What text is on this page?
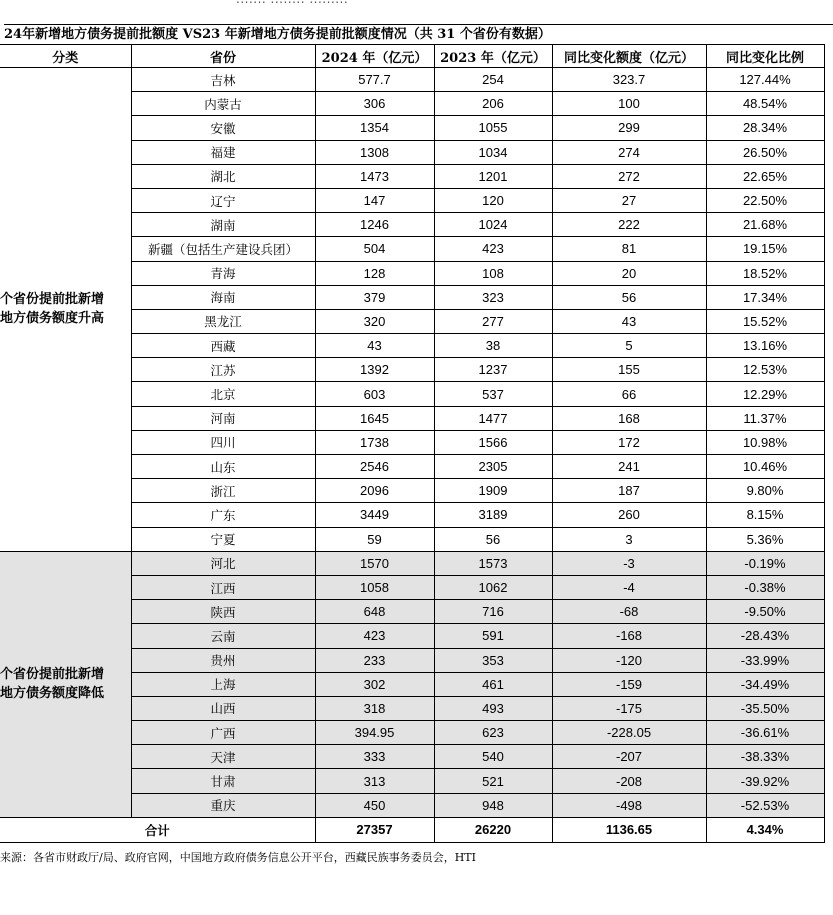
24年新增地方债务提前批额度 VS23 年新增地方债务提前批额度情况（共 31 个省份有数据）
分类	省份	2024 年（亿元）	2023 年（亿元）	同比变化额度（亿元）	同比变化比例

个省份提前批新增
地方债务额度升高	吉林	577.7	254	323.7	127.44%
	内蒙古	306	206	100	48.54%
	安徽	1354	1055	299	28.34%
	福建	1308	1034	274	26.50%
	湖北	1473	1201	272	22.65%
	辽宁	147	120	27	22.50%
	湖南	1246	1024	222	21.68%
	新疆（包括生产建设兵团）	504	423	81	19.15%
	青海	128	108	20	18.52%
	海南	379	323	56	17.34%
	黑龙江	320	277	43	15.52%
	西藏	43	38	5	13.16%
	江苏	1392	1237	155	12.53%
	北京	603	537	66	12.29%
	河南	1645	1477	168	11.37%
	四川	1738	1566	172	10.98%
	山东	2546	2305	241	10.46%
	浙江	2096	1909	187	9.80%
	广东	3449	3189	260	8.15%
	宁夏	59	56	3	5.36%

个省份提前批新增
地方债务额度降低	河北	1570	1573	-3	-0.19%
	江西	1058	1062	-4	-0.38%
	陕西	648	716	-68	-9.50%
	云南	423	591	-168	-28.43%
	贵州	233	353	-120	-33.99%
	上海	302	461	-159	-34.49%
	山西	318	493	-175	-35.50%
	广西	394.95	623	-228.05	-36.61%
	天津	333	540	-207	-38.33%
	甘肃	313	521	-208	-39.92%
	重庆	450	948	-498	-52.53%
合计		27357	26220	1136.65	4.34%
来源：各省市财政厅/局、政府官网，中国地方政府债务信息公开平台，西藏民族事务委员会，HTI
